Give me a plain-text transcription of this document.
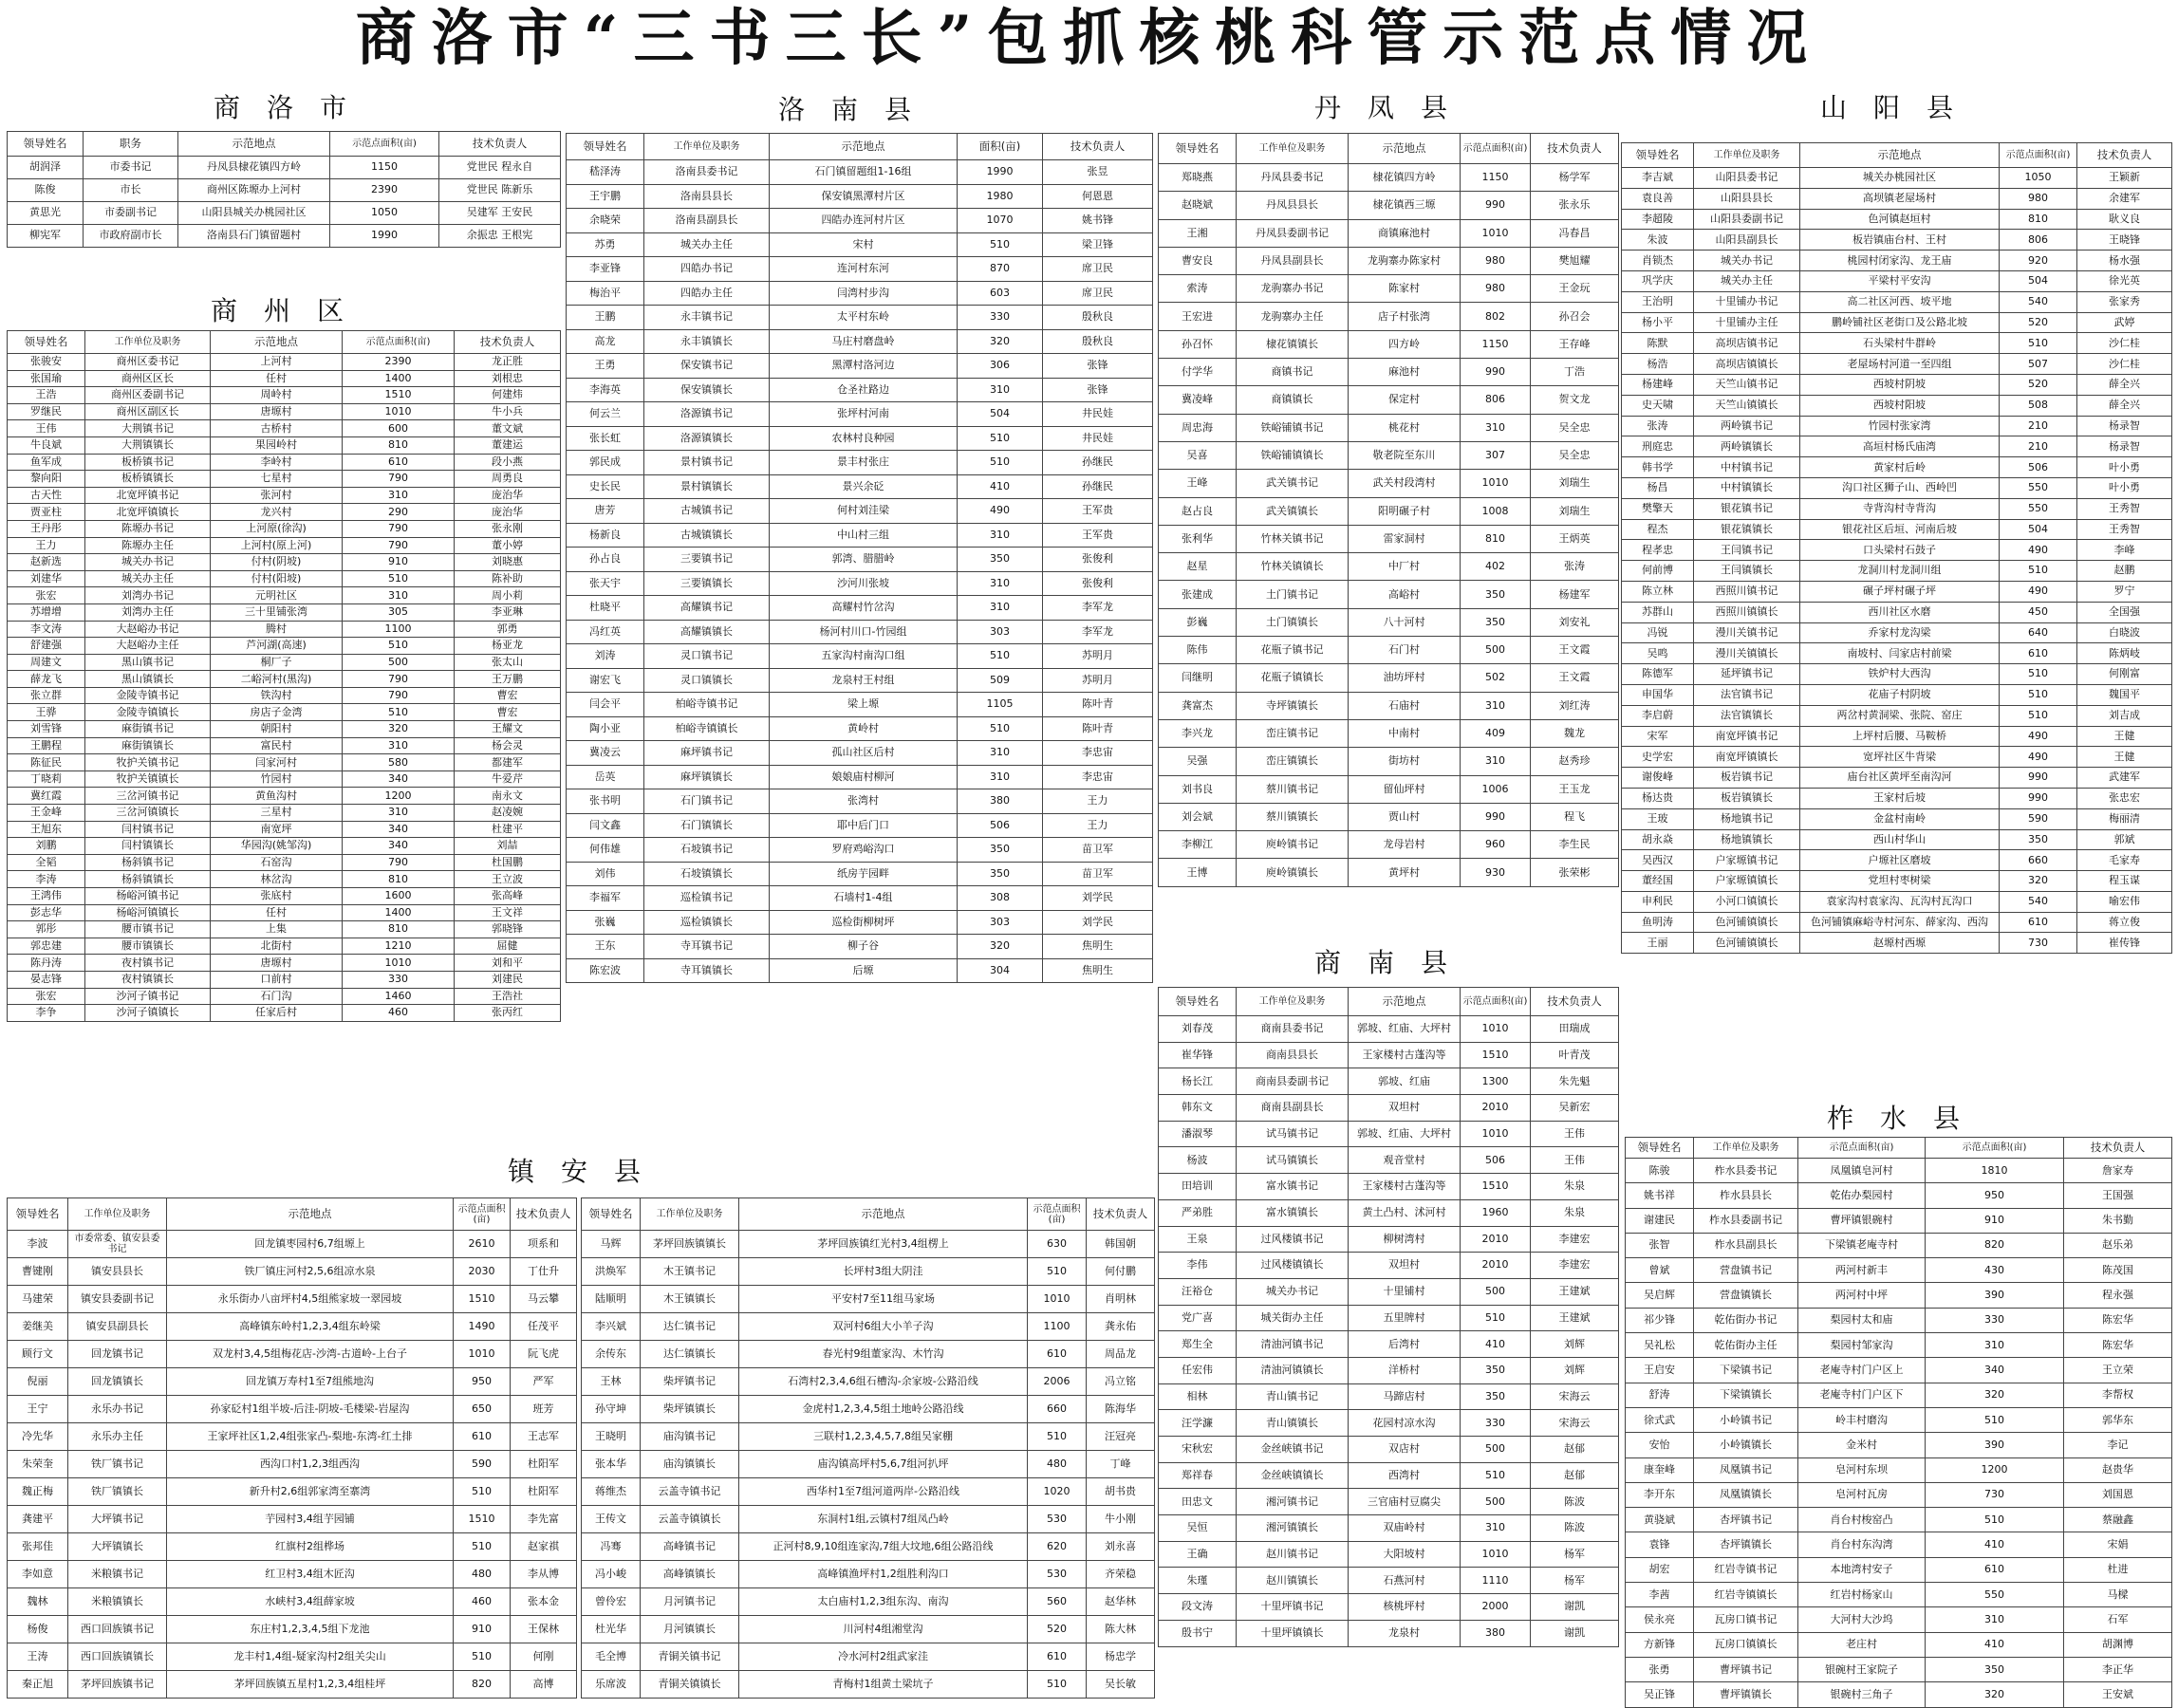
商洛市“三书三长”包抓核桃科管示范点情况
商洛市
领导姓名	职务	示范地点	示范点面积(亩)	技术负责人
胡润泽	市委书记	丹凤县棣花镇四方岭	1150	党世民 程永自
陈俊	市长	商州区陈塬办上河村	2390	党世民 陈新乐
黄思光	市委副书记	山阳县城关办桃园社区	1050	吴建军 王安民
柳宪军	市政府副市长	洛南县石门镇留题村	1990	余振忠 王根宪
商州区
领导姓名	工作单位及职务	示范地点	示范点面积(亩)	技术负责人
张骏安	商州区委书记	上河村	2390	龙正胜
张国瑜	商州区区长	任村	1400	刘根忠
王浩	商州区委副书记	周岭村	1510	何建炜
罗继民	商州区副区长	唐塬村	1010	牛小兵
王伟	大荆镇书记	古桥村	600	董文斌
牛良斌	大荆镇镇长	果园岭村	810	董建运
鱼军成	板桥镇书记	李岭村	610	段小燕
黎向阳	板桥镇镇长	七星村	790	周勇良
古天性	北宽坪镇书记	张河村	310	庞治华
贾亚柱	北宽坪镇镇长	龙兴村	290	庞治华
王丹彤	陈塬办书记	上河原(徐沟)	790	张永刚
王力	陈塬办主任	上河村(原上河)	790	董小婷
赵新选	城关办书记	付村(阴坡)	910	刘晓惠
刘建华	城关办主任	付村(阳坡)	510	陈补助
张宏	刘湾办书记	元明社区	310	周小莉
苏增增	刘湾办主任	三十里铺张湾	305	李亚琳
李文涛	大赵峪办书记	腾村	1100	郭勇
舒建强	大赵峪办主任	芦河湖(高速)	510	杨亚龙
周建文	黑山镇书记	桐厂子	500	张太山
薛龙飞	黑山镇镇长	二峪河村(黑沟)	790	王万鹏
张立群	金陵寺镇书记	铁沟村	790	曹宏
王骅	金陵寺镇镇长	房店子金湾	510	曹宏
刘雪锋	麻街镇书记	朝阳村	320	王耀文
王鹏程	麻街镇镇长	富民村	310	杨会灵
陈征民	牧护关镇书记	闫家河村	580	都建军
丁晓莉	牧护关镇镇长	竹园村	340	牛爱芹
冀红霞	三岔河镇书记	黄鱼沟村	1200	南永文
王金峰	三岔河镇镇长	三星村	310	赵凌婉
王旭东	闫村镇书记	南宽坪	340	杜建平
刘鹏	闫村镇镇长	华园沟(姚邹沟)	340	刘喆
全韬	杨斜镇书记	石窑沟	790	杜国鹏
李涛	杨斜镇镇长	林岔沟	810	王立波
王鸿伟	杨峪河镇书记	张底村	1600	张高峰
彭志华	杨峪河镇镇长	任村	1400	王文祥
郭彤	腰市镇书记	上集	810	郭晓锋
郭忠建	腰市镇镇长	北街村	1210	屈健
陈丹涛	夜村镇书记	唐塬村	1010	刘和平
晏志锋	夜村镇镇长	口前村	330	刘建民
张宏	沙河子镇书记	石门沟	1460	王浩社
李争	沙河子镇镇长	任家后村	460	张丙红
洛南县
领导姓名	工作单位及职务	示范地点	面积(亩)	技术负责人
嵇泽涛	洛南县委书记	石门镇留题组1-16组	1990	张昱
王宇鹏	洛南县县长	保安镇黑潭村片区	1980	何恩恩
余晓荣	洛南县副县长	四皓办连河村片区	1070	姚书锋
苏勇	城关办主任	宋村	510	梁卫锋
李亚锋	四皓办书记	连河村东河	870	席卫民
梅治平	四皓办主任	闫湾村步沟	603	席卫民
王鹏	永丰镇书记	太平村东岭	330	殷秋良
高龙	永丰镇镇长	马庄村磨盘岭	320	殷秋良
王勇	保安镇书记	黑潭村洛河边	306	张锋
李海英	保安镇镇长	仓圣社路边	310	张锋
何云兰	洛源镇书记	张坪村河南	504	井民娃
张长虹	洛源镇镇长	农林村良种园	510	井民娃
郭民成	景村镇书记	景丰村张庄	510	孙继民
史长民	景村镇镇长	景兴余砭	410	孙继民
唐芳	古城镇书记	何村刘洼梁	490	王军贵
杨新良	古城镇镇长	中山村三组	310	王军贵
孙占良	三要镇书记	郭湾、腊腊岭	350	张俊利
张天宇	三要镇镇长	沙河川张坡	310	张俊利
杜晓平	高耀镇书记	高耀村竹岔沟	310	李军龙
冯红英	高耀镇镇长	杨河村川口-竹园组	303	李军龙
刘涛	灵口镇书记	五家沟村南沟口组	510	苏明月
谢宏飞	灵口镇镇长	龙泉村王村组	509	苏明月
闫会平	柏峪寺镇书记	梁上塬	1105	陈叶青
陶小亚	柏峪寺镇镇长	黄岭村	510	陈叶青
冀凌云	麻坪镇书记	孤山社区后村	310	李忠宙
岳英	麻坪镇镇长	娘娘庙村柳河	310	李忠宙
张书明	石门镇书记	张湾村	380	王力
闫文鑫	石门镇镇长	耶中后门口	506	王力
何伟雄	石坡镇书记	罗府鸡峪沟口	350	苗卫军
刘伟	石坡镇镇长	纸房芋园畔	350	苗卫军
李福军	巡检镇书记	石墙村1-4组	308	刘学民
张巍	巡检镇镇长	巡检街柳树坪	303	刘学民
王东	寺耳镇书记	柳子谷	320	焦明生
陈宏波	寺耳镇镇长	后塬	304	焦明生
丹凤县
领导姓名	工作单位及职务	示范地点	示范点面积(亩)	技术负责人
郑晓燕	丹凤县委书记	棣花镇四方岭	1150	杨学军
赵晓斌	丹凤县县长	棣花镇西三塬	990	张永乐
王湘	丹凤县委副书记	商镇麻池村	1010	冯春昌
曹安良	丹凤县副县长	龙驹寨办陈家村	980	樊旭耀
索涛	龙驹寨办书记	陈家村	980	王金玩
王宏进	龙驹寨办主任	店子村张湾	802	孙召会
孙召怀	棣花镇镇长	四方岭	1150	王存峰
付学华	商镇书记	麻池村	990	丁浩
冀凌峰	商镇镇长	保定村	806	贺文龙
周忠海	铁峪铺镇书记	桃花村	310	吴全忠
吴喜	铁峪铺镇镇长	敬老院至东川	307	吴全忠
王峰	武关镇书记	武关村段湾村	1010	刘瑞生
赵占良	武关镇镇长	阳明碾子村	1008	刘瑞生
张利华	竹林关镇书记	雷家洞村	810	王炳英
赵星	竹林关镇镇长	中厂村	402	张涛
张建成	土门镇书记	高峪村	350	杨建军
彭巍	土门镇镇长	八十河村	350	刘安礼
陈伟	花瓶子镇书记	石门村	500	王文霞
闫继明	花瓶子镇镇长	油坊坪村	502	王文霞
龚富杰	寺坪镇镇长	石庙村	310	刘红涛
李兴龙	峦庄镇书记	中南村	409	魏龙
吴强	峦庄镇镇长	街坊村	310	赵秀珍
刘书良	蔡川镇书记	留仙坪村	1006	王玉龙
刘会斌	蔡川镇镇长	贾山村	990	程飞
李柳江	庾岭镇书记	龙母岩村	960	李生民
王博	庾岭镇镇长	黄坪村	930	张荣彬
商南县
领导姓名	工作单位及职务	示范地点	示范点面积(亩)	技术负责人
刘春茂	商南县委书记	郭坡、红庙、大坪村	1010	田瑞成
崔华锋	商南县县长	王家楼村古蓬沟等	1510	叶青茂
杨长江	商南县委副书记	郭坡、红庙	1300	朱先魁
韩东文	商南县副县长	双坦村	2010	吴新宏
潘淑琴	试马镇书记	郭坡、红庙、大坪村	1010	王伟
杨波	试马镇镇长	观音堂村	506	王伟
田培训	富水镇书记	王家楼村古蓬沟等	1510	朱泉
严弟胜	富水镇镇长	黄土凸村、沭河村	1960	朱泉
王泉	过风楼镇书记	柳树湾村	2010	李建宏
李伟	过风楼镇镇长	双坦村	2010	李建宏
汪裕仓	城关办书记	十里铺村	500	王建斌
党广喜	城关街办主任	五里牌村	510	王建斌
郑生全	清油河镇书记	后湾村	410	刘辉
任宏伟	清油河镇镇长	洋桥村	350	刘辉
相林	青山镇书记	马蹄店村	350	宋海云
汪学濂	青山镇镇长	花园村凉水沟	330	宋海云
宋秋宏	金丝峡镇书记	双店村	500	赵郁
郑祥春	金丝峡镇镇长	西湾村	510	赵郁
田忠文	湘河镇书记	三官庙村豆腐尖	500	陈波
吴恒	湘河镇镇长	双庙岭村	310	陈波
王确	赵川镇书记	大阳坡村	1010	杨军
朱瑾	赵川镇镇长	石燕河村	1110	杨军
段文涛	十里坪镇书记	核桃坪村	2000	谢凯
殷书宁	十里坪镇镇长	龙泉村	380	谢凯
山阳县
领导姓名	工作单位及职务	示范地点	示范点面积(亩)	技术负责人
李吉斌	山阳县委书记	城关办桃园社区	1050	王颖新
袁良善	山阳县县长	高坝镇老屋场村	980	余建军
李超陵	山阳县委副书记	色河镇赵垣村	810	耿义良
朱波	山阳县副县长	板岩镇庙台村、王村	806	王晓锋
肖锁杰	城关办书记	桃园村闭家沟、龙王庙	920	杨水强
巩学庆	城关办主任	平梁村平安沟	504	徐光英
王治明	十里铺办书记	高二社区河西、坡平地	540	张家秀
杨小平	十里铺办主任	鹏岭铺社区老街口及公路北坡	520	武婷
陈默	高坝店镇书记	石头梁村牛群岭	510	沙仁桂
杨浩	高坝店镇镇长	老屋场村河道一至四组	507	沙仁桂
杨建峰	天竺山镇书记	西坡村阴坡	520	薛全兴
史天啸	天竺山镇镇长	西坡村阳坡	508	薛全兴
张涛	两岭镇书记	竹园村张家湾	210	杨录智
刑庭忠	两岭镇镇长	高垣村杨氏庙湾	210	杨录智
韩书学	中村镇书记	黄家村后岭	506	叶小勇
杨昌	中村镇镇长	沟口社区狮子山、西岭凹	550	叶小勇
樊擎天	银花镇书记	寺背沟村寺背沟	550	王秀智
程杰	银花镇镇长	银花社区后垣、河南后坡	504	王秀智
程孝忠	王闫镇书记	口头梁村石鼓子	490	李峰
何前博	王闫镇镇长	龙洞川村龙洞川组	510	赵鹏
陈立林	西照川镇书记	碾子坪村碾子坪	490	罗宁
苏群山	西照川镇镇长	西川社区水磨	450	全国强
冯锐	漫川关镇书记	乔家村龙沟梁	640	白晓波
吴鸣	漫川关镇镇长	南坡村、闫家店村前梁	610	陈炳岐
陈德军	延坪镇书记	铁炉村大西沟	510	何刚富
申国华	法官镇书记	花庙子村阴坡	510	魏国平
李启蔚	法官镇镇长	两岔村黄洞梁、张院、窑庄	510	刘吉成
宋军	南宽坪镇书记	上坪村后腰、马鞍桥	490	王健
史学宏	南宽坪镇镇长	宽坪社区牛背梁	490	王健
谢俊峰	板岩镇书记	庙台社区黄坪至南沟河	990	武建军
杨达贵	板岩镇镇长	王家村后坡	990	张忠宏
王玻	杨地镇书记	金盆村南岭	590	梅丽清
胡永焱	杨地镇镇长	西山村华山	350	郭斌
吴西汉	户家塬镇书记	户塬社区磨坡	660	毛家寿
董经国	户家塬镇镇长	党坦村枣树梁	320	程玉谋
申利民	小河口镇镇长	袁家沟村袁家沟、瓦沟村瓦沟口	540	喻宏伟
鱼明涛	色河铺镇镇长	色河铺镇麻峪寺村河东、薛家沟、西沟	610	蒋立俊
王丽	色河铺镇镇长	赵塬村西塬	730	崔传锋
柞水县
领导姓名	工作单位及职务	示范点面积(亩)	示范点面积(亩)	技术负责人
陈骏	柞水县委书记	凤凰镇皂河村	1810	詹家寿
姚书祥	柞水县县长	乾佑办梨园村	950	王国强
谢建民	柞水县委副书记	曹坪镇银碗村	910	朱书勤
张智	柞水县副县长	下梁镇老庵寺村	820	赵乐弟
曾斌	营盘镇书记	两河村新丰	430	陈茂国
吴启辉	营盘镇镇长	两河村中坪	390	程永强
祁少锋	乾佑街办书记	梨园村太和庙	330	陈宏华
吴礼松	乾佑街办主任	梨园村邹家沟	310	陈宏华
王启安	下梁镇书记	老庵寺村门户区上	340	王立荣
舒涛	下梁镇镇长	老庵寺村门户区下	320	李帮权
徐式武	小岭镇书记	岭丰村磨沟	510	郭华东
安怡	小岭镇镇长	金米村	390	李记
康奎峰	凤凰镇书记	皂河村东坝	1200	赵贵华
李开东	凤凰镇镇长	皂河村瓦房	730	刘国恩
黄骁斌	杏坪镇书记	肖台村梭窑凸	510	蔡融鑫
袁锋	杏坪镇镇长	肖台村东沟湾	410	宋娟
胡宏	红岩寺镇书记	本地湾村安子	610	杜进
李茜	红岩寺镇镇长	红岩村杨家山	550	马樑
侯永亮	瓦房口镇书记	大河村大沙坞	310	石军
方新锋	瓦房口镇镇长	老庄村	410	胡渊博
张勇	曹坪镇书记	银碗村王家院子	350	李正华
吴正锋	曹坪镇镇长	银碗村三角子	320	王安斌
镇安县
领导姓名	工作单位及职务	示范地点	示范点面积(亩)	技术负责人
李波	市委常委、镇安县委书记	回龙镇枣园村6,7组塬上	2610	项系和
曹键刚	镇安县县长	铁厂镇庄河村2,5,6组凉水泉	2030	丁仕升
马建荣	镇安县委副书记	永乐街办八亩坪村4,5组熊家坡一翠园坡	1510	马云攀
姜继美	镇安县副县长	高峰镇东岭村1,2,3,4组东岭梁	1490	任茂平
顾行文	回龙镇书记	双龙村3,4,5组梅花店-沙湾-古道岭-上台子	1010	阮飞虎
倪丽	回龙镇镇长	回龙镇万寿村1至7组熊地沟	950	严军
王宁	永乐办书记	孙家砭村1组半坡-后洼-阴坡-毛楼梁-岩屋沟	650	班芳
冷先华	永乐办主任	王家坪社区1,2,4组张家凸-梨地-东湾-红土排	610	王志军
朱荣奎	铁厂镇书记	西沟口村1,2,3组西沟	590	杜阳军
魏正梅	铁厂镇镇长	新升村2,6组郭家湾至寨湾	510	杜阳军
龚建平	大坪镇书记	芋园村3,4组芋园铺	1510	李先富
张邦佳	大坪镇镇长	红旗村2组桦场	510	赵家祺
李如意	米粮镇书记	红卫村3,4组木匠沟	480	李从博
魏林	米粮镇镇长	水峡村3,4组薛家坡	460	张本金
杨俊	西口回族镇书记	东庄村1,2,3,4,5组下龙池	910	王保林
王涛	西口回族镇镇长	龙丰村1,4组-疑家沟村2组关尖山	510	何刚
秦正旭	茅坪回族镇书记	茅坪回族镇五星村1,2,3,4组桂坪	820	高博
领导姓名	工作单位及职务	示范地点	示范点面积(亩)	技术负责人
马辉	茅坪回族镇镇长	茅坪回族镇红光村3,4组楞上	630	韩国朝
洪焕军	木王镇书记	长坪村3组大阴洼	510	何付鹏
陆顺明	木王镇镇长	平安村7至11组马家场	1010	肖明林
李兴斌	达仁镇书记	双河村6组大小羊子沟	1100	龚永佑
余传东	达仁镇镇长	春光村9组董家沟、木竹沟	610	周品龙
王林	柴坪镇书记	石湾村2,3,4,6组石槽沟-余家坡-公路沿线	2006	冯立铭
孙守坤	柴坪镇镇长	金虎村1,2,3,4,5组土地岭公路沿线	660	陈海华
王晓明	庙沟镇书记	三联村1,2,3,4,5,7,8组吴家棚	510	汪冠亮
张本华	庙沟镇镇长	庙沟镇高坪村5,6,7组河扒坪	480	丁峰
蒋维杰	云盖寺镇书记	西华村1至7组河道两岸-公路沿线	1020	胡书贵
王传文	云盖寺镇镇长	东洞村1组,云镇村7组凤凸岭	530	牛小刚
冯骞	高峰镇书记	正河村8,9,10组连家沟,7组大坟地,6组公路沿线	620	刘永喜
冯小峻	高峰镇镇长	高峰镇渔坪村1,2组胜利沟口	530	齐荣稳
曾伶宏	月河镇书记	太白庙村1,2,3组东沟、南沟	560	赵华林
杜光华	月河镇镇长	川河村4组湘堂沟	520	陈大林
毛全博	青铜关镇书记	冷水河村2组武家洼	610	杨忠学
乐席波	青铜关镇镇长	青梅村1组黄土梁坑子	510	吴长敏
